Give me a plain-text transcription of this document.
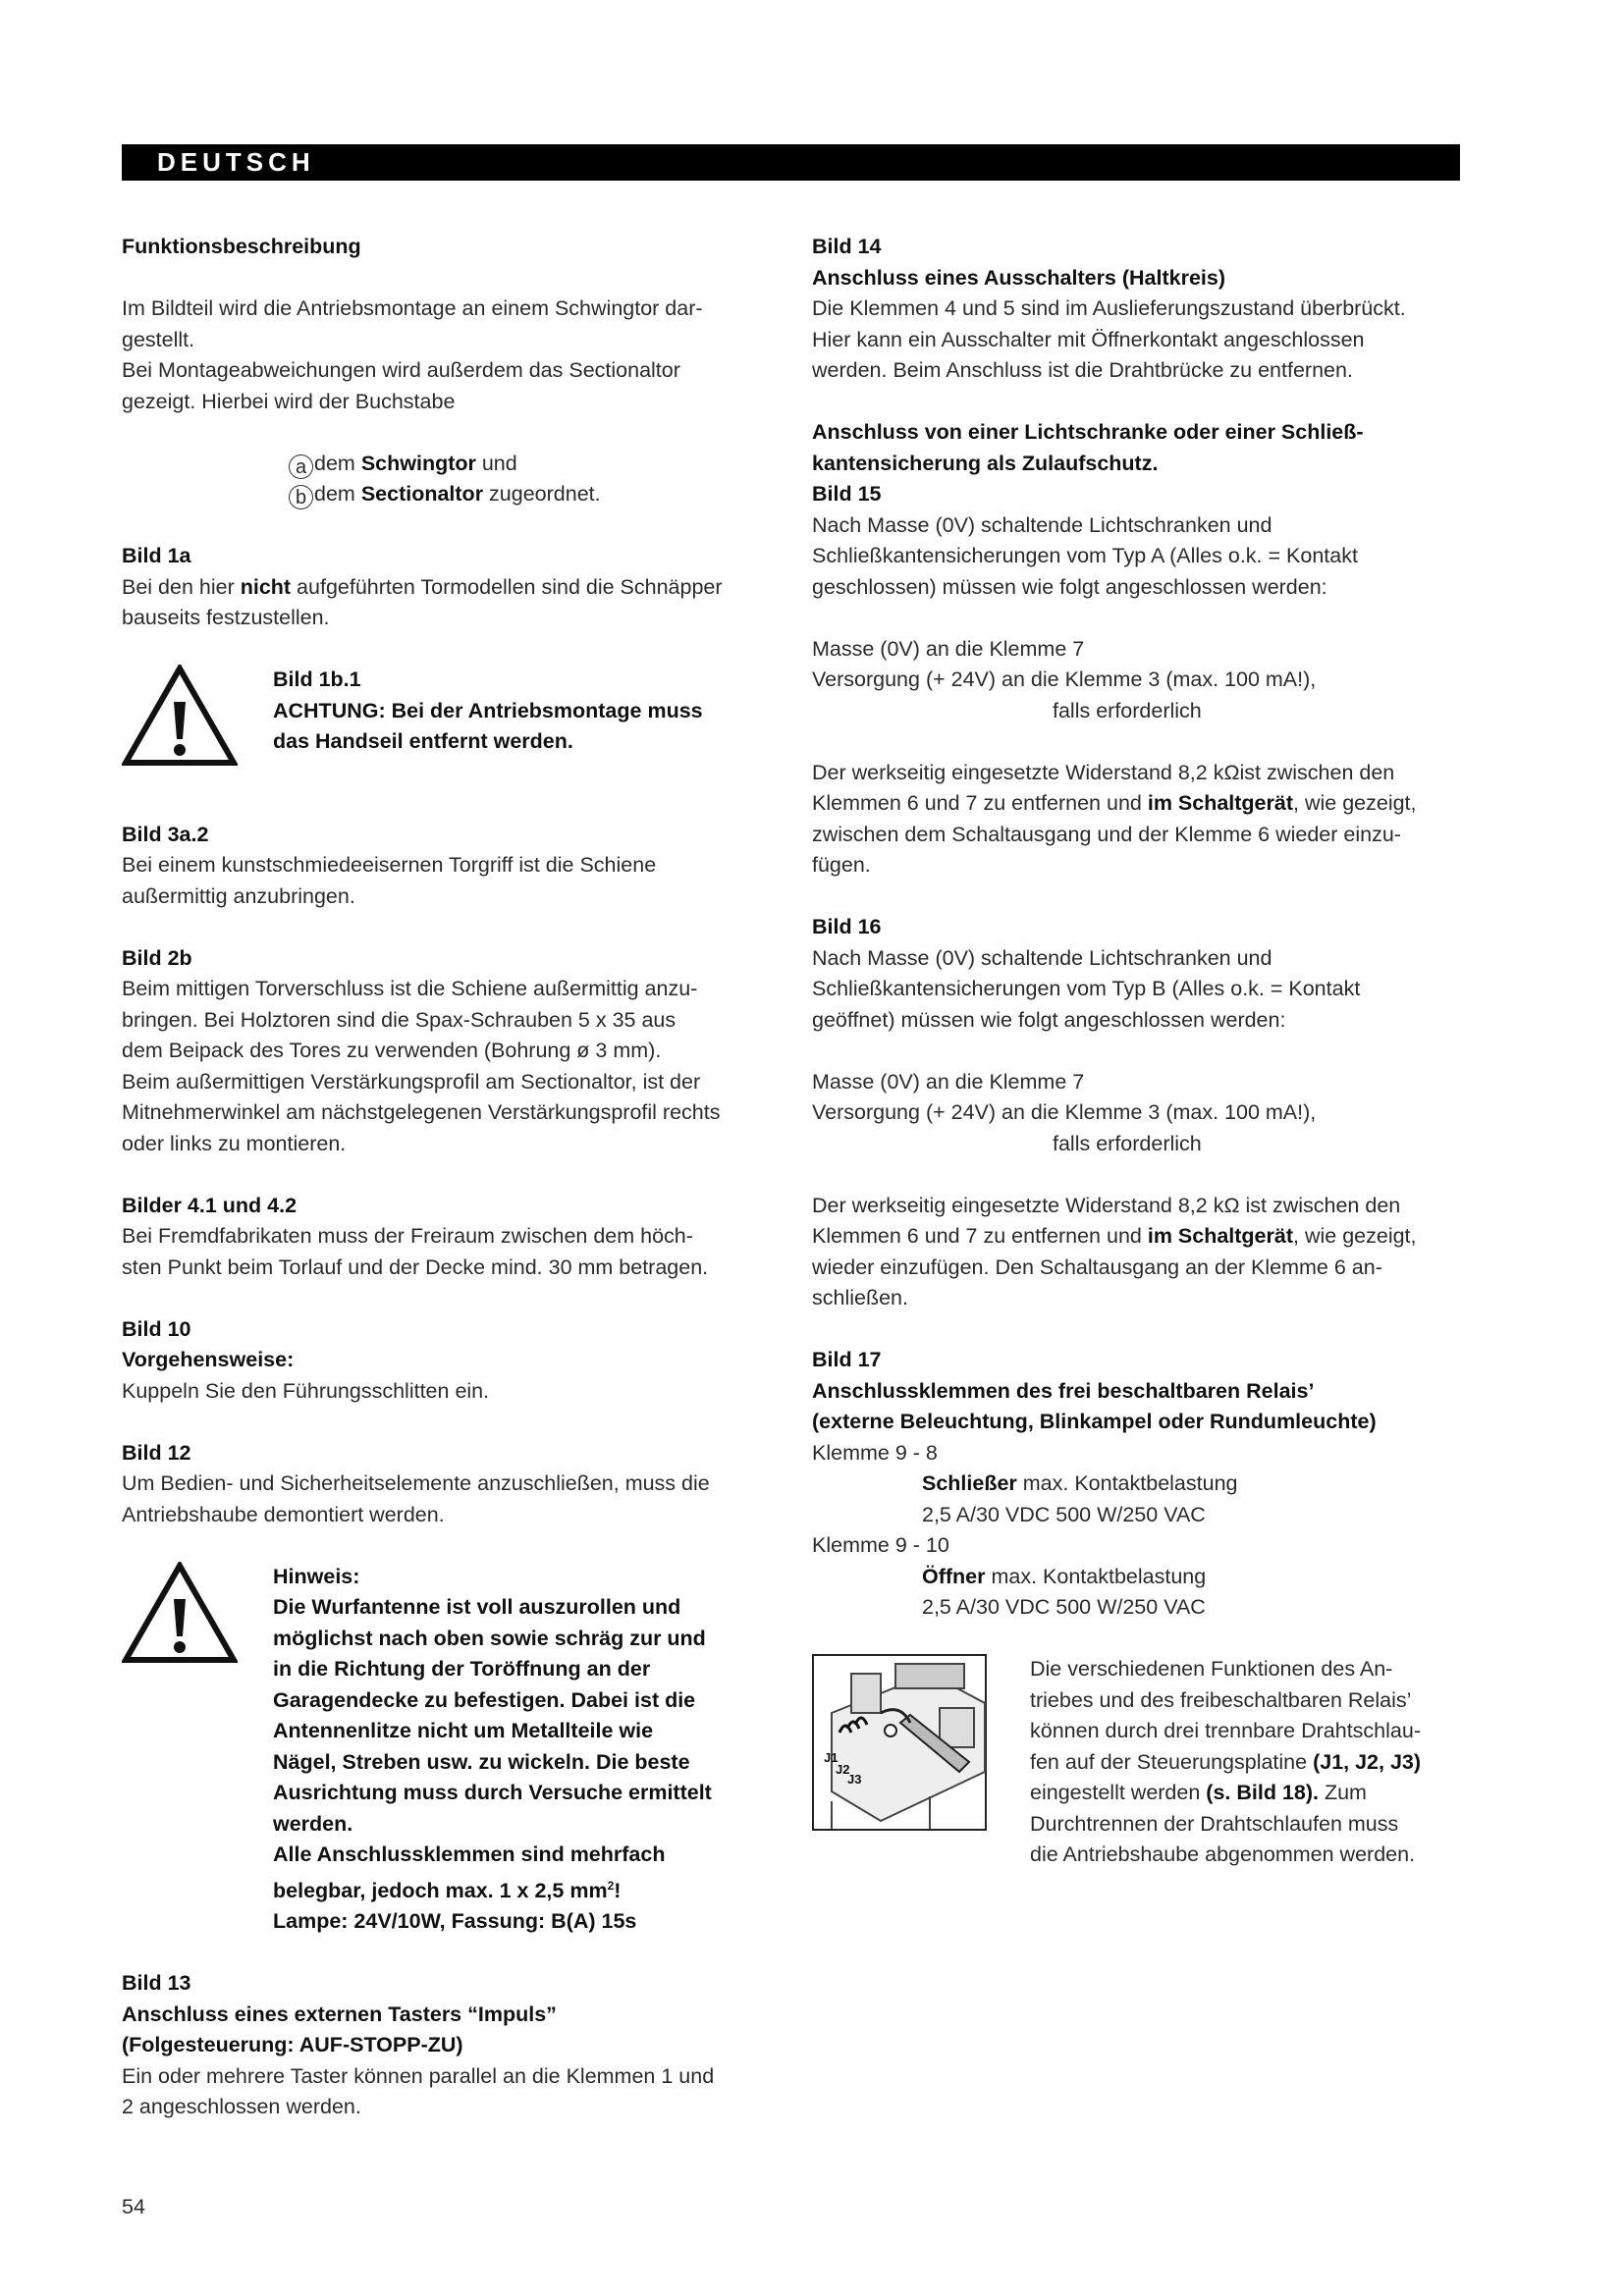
DEUTSCH

Funktionsbeschreibung

Im Bildteil wird die Antriebsmontage an einem Schwingtor dar-

gestellt.

Bei Montageabweichungen wird außerdem das Sectionaltor

gezeigt. Hierbei wird der Buchstabe

a dem Schwingtor und

b dem Sectionaltor zugeordnet.

Bild 1a

Bei den hier nicht aufgeführten Tormodellen sind die Schnäpper

bauseits festzustellen.

Bild 1b.1

ACHTUNG: Bei der Antriebsmontage muss

das Handseil entfernt werden.

Bild 3a.2

Bei einem kunstschmiedeeisernen Torgriff ist die Schiene

außermittig anzubringen.

Bild 2b

Beim mittigen Torverschluss ist die Schiene außermittig anzu-

bringen. Bei Holztoren sind die Spax-Schrauben 5 x 35 aus

dem Beipack des Tores zu verwenden (Bohrung ø 3 mm).

Beim außermittigen Verstärkungsprofil am Sectionaltor, ist der

Mitnehmerwinkel am nächstgelegenen Verstärkungsprofil rechts

oder links zu montieren.

Bilder 4.1 und 4.2

Bei Fremdfabrikaten muss der Freiraum zwischen dem höch-

sten Punkt beim Torlauf und der Decke mind. 30 mm betragen.

Bild 10

Vorgehensweise:

Kuppeln Sie den Führungsschlitten ein.

Bild 12

Um Bedien- und Sicherheitselemente anzuschließen, muss die

Antriebshaube demontiert werden.

Hinweis:

Die Wurfantenne ist voll auszurollen und

möglichst nach oben sowie schräg zur und

in die Richtung der Toröffnung an der

Garagendecke zu befestigen. Dabei ist die

Antennenlitze nicht um Metallteile wie

Nägel, Streben usw. zu wickeln. Die beste

Ausrichtung muss durch Versuche ermittelt

werden.

Alle Anschlussklemmen sind mehrfach

belegbar, jedoch max. 1 x 2,5 $mm^2$!

Lampe: 24V/10W, Fassung: B(A) 15s

Bild 13

Anschluss eines externen Tasters “Impuls”

(Folgesteuerung: AUF-STOPP-ZU)

Ein oder mehrere Taster können parallel an die Klemmen 1 und

2 angeschlossen werden.

Bild 14

Anschluss eines Ausschalters (Haltkreis)

Die Klemmen 4 und 5 sind im Auslieferungszustand überbrückt.

Hier kann ein Ausschalter mit Öffnerkontakt angeschlossen

werden. Beim Anschluss ist die Drahtbrücke zu entfernen.

Anschluss von einer Lichtschranke oder einer Schließ-

kantensicherung als Zulaufschutz.

Bild 15

Nach Masse (0V) schaltende Lichtschranken und

Schließkantensicherungen vom Typ A (Alles o.k. = Kontakt

geschlossen) müssen wie folgt angeschlossen werden:

Masse (0V) an die Klemme 7

Versorgung (+ 24V) an die Klemme 3 (max. 100 mA!),

falls erforderlich

Der werkseitig eingesetzte Widerstand 8,2 kΩist zwischen den

Klemmen 6 und 7 zu entfernen und im Schaltgerät, wie gezeigt,

zwischen dem Schaltausgang und der Klemme 6 wieder einzu-

fügen.

Bild 16

Nach Masse (0V) schaltende Lichtschranken und

Schließkantensicherungen vom Typ B (Alles o.k. = Kontakt

geöffnet) müssen wie folgt angeschlossen werden:

Masse (0V) an die Klemme 7

Versorgung (+ 24V) an die Klemme 3 (max. 100 mA!),

falls erforderlich

Der werkseitig eingesetzte Widerstand 8,2 kΩ ist zwischen den

Klemmen 6 und 7 zu entfernen und im Schaltgerät, wie gezeigt,

wieder einzufügen. Den Schaltausgang an der Klemme 6 an-

schließen.

Bild 17

Anschlussklemmen des frei beschaltbaren Relais’

(externe Beleuchtung, Blinkampel oder Rundumleuchte)

Klemme 9 - 8

Schließer max. Kontaktbelastung

2,5 A/30 VDC 500 W/250 VAC

Klemme 9 - 10

Öffner max. Kontaktbelastung

2,5 A/30 VDC 500 W/250 VAC

J1
J2
J3

Die verschiedenen Funktionen des An-

triebes und des freibeschaltbaren Relais’

können durch drei trennbare Drahtschlau-

fen auf der Steuerungsplatine (J1, J2, J3)

eingestellt werden (s. Bild 18). Zum

Durchtrennen der Drahtschlaufen muss

die Antriebshaube abgenommen werden.

54
